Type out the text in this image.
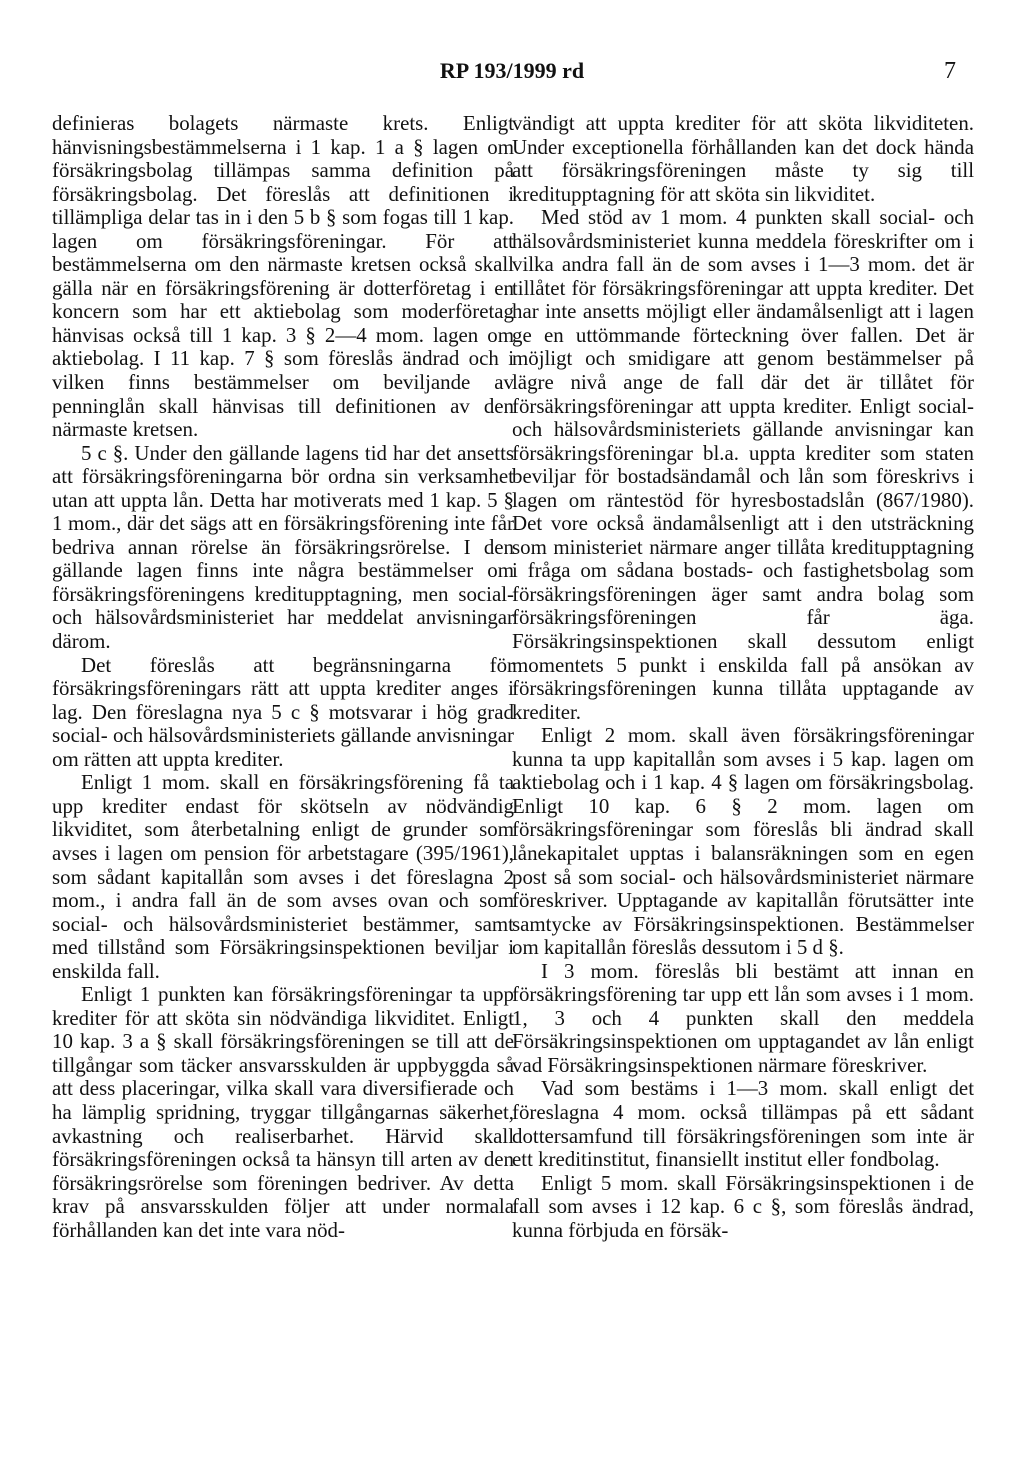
RP 193/1999 rd	7

definieras bolagets närmaste krets. Enligt hänvisningsbestämmelserna i 1 kap. 1 a § lagen om försäkringsbolag tillämpas samma definition på försäkringsbolag. Det föreslås att definitionen i tillämpliga delar tas in i den 5 b § som fogas till 1 kap. lagen om försäkringsföreningar. För att bestämmelserna om den närmaste kretsen också skall gälla när en försäkringsförening är dotterföretag i en koncern som har ett aktiebolag som moderföretag hänvisas också till 1 kap. 3 § 2—4 mom. lagen om aktiebolag. I 11 kap. 7 § som föreslås ändrad och i vilken finns bestämmelser om beviljande av penninglån skall hänvisas till definitionen av den närmaste kretsen.

5 c §. Under den gällande lagens tid har det ansetts att försäkringsföreningarna bör ordna sin verksamhet utan att uppta lån. Detta har motiverats med 1 kap. 5 § 1 mom., där det sägs att en försäkringsförening inte får bedriva annan rörelse än försäkringsrörelse. I den gällande lagen finns inte några bestämmelser om försäkringsföreningens kreditupptagning, men social- och hälsovårdsministeriet har meddelat anvisningar därom.

Det föreslås att begränsningarna för försäkringsföreningars rätt att uppta krediter anges i lag. Den föreslagna nya 5 c § motsvarar i hög grad social- och hälsovårdsministeriets gällande anvisningar om rätten att uppta krediter.

Enligt 1 mom. skall en försäkringsförening få ta upp krediter endast för skötseln av nödvändig likviditet, som återbetalning enligt de grunder som avses i lagen om pension för arbetstagare (395/1961), som sådant kapitallån som avses i det föreslagna 2 mom., i andra fall än de som avses ovan och som social- och hälsovårdsministeriet bestämmer, samt med tillstånd som Försäkringsinspektionen beviljar i enskilda fall.

Enligt 1 punkten kan försäkringsföreningar ta upp krediter för att sköta sin nödvändiga likviditet. Enligt 10 kap. 3 a § skall försäkringsföreningen se till att de tillgångar som täcker ansvarsskulden är uppbyggda så att dess placeringar, vilka skall vara diversifierade och ha lämplig spridning, tryggar tillgångarnas säkerhet, avkastning och realiserbarhet. Härvid skall försäkringsföreningen också ta hänsyn till arten av den försäkringsrörelse som föreningen bedriver. Av detta krav på ansvarsskulden följer att under normala förhållanden kan det inte vara nöd-

vändigt att uppta krediter för att sköta likviditeten. Under exceptionella förhållanden kan det dock hända att försäkringsföreningen måste ty sig till kreditupptagning för att sköta sin likviditet.

Med stöd av 1 mom. 4 punkten skall social- och hälsovårdsministeriet kunna meddela föreskrifter om i vilka andra fall än de som avses i 1—3 mom. det är tillåtet för försäkringsföreningar att uppta krediter. Det har inte ansetts möjligt eller ändamålsenligt att i lagen ge en uttömmande förteckning över fallen. Det är möjligt och smidigare att genom bestämmelser på lägre nivå ange de fall där det är tillåtet för försäkringsföreningar att uppta krediter. Enligt social- och hälsovårdsministeriets gällande anvisningar kan försäkringsföreningar bl.a. uppta krediter som staten beviljar för bostadsändamål och lån som föreskrivs i lagen om räntestöd för hyresbostadslån (867/1980). Det vore också ändamålsenligt att i den utsträckning som ministeriet närmare anger tillåta kreditupptagning i fråga om sådana bostads- och fastighetsbolag som försäkringsföreningen äger samt andra bolag som försäkringsföreningen får äga. Försäkringsinspektionen skall dessutom enligt momentets 5 punkt i enskilda fall på ansökan av försäkringsföreningen kunna tillåta upptagande av krediter.

Enligt 2 mom. skall även försäkringsföreningar kunna ta upp kapitallån som avses i 5 kap. lagen om aktiebolag och i 1 kap. 4 § lagen om försäkringsbolag. Enligt 10 kap. 6 § 2 mom. lagen om försäkringsföreningar som föreslås bli ändrad skall lånekapitalet upptas i balansräkningen som en egen post så som social- och hälsovårdsministeriet närmare föreskriver. Upptagande av kapitallån förutsätter inte samtycke av Försäkringsinspektionen. Bestämmelser om kapitallån föreslås dessutom i 5 d §.

I 3 mom. föreslås bli bestämt att innan en försäkringsförening tar upp ett lån som avses i 1 mom. 1, 3 och 4 punkten skall den meddela Försäkringsinspektionen om upptagandet av lån enligt vad Försäkringsinspektionen närmare föreskriver.

Vad som bestäms i 1—3 mom. skall enligt det föreslagna 4 mom. också tillämpas på ett sådant dottersamfund till försäkringsföreningen som inte är ett kreditinstitut, finansiellt institut eller fondbolag.

Enligt 5 mom. skall Försäkringsinspektionen i de fall som avses i 12 kap. 6 c §, som föreslås ändrad, kunna förbjuda en försäk-
